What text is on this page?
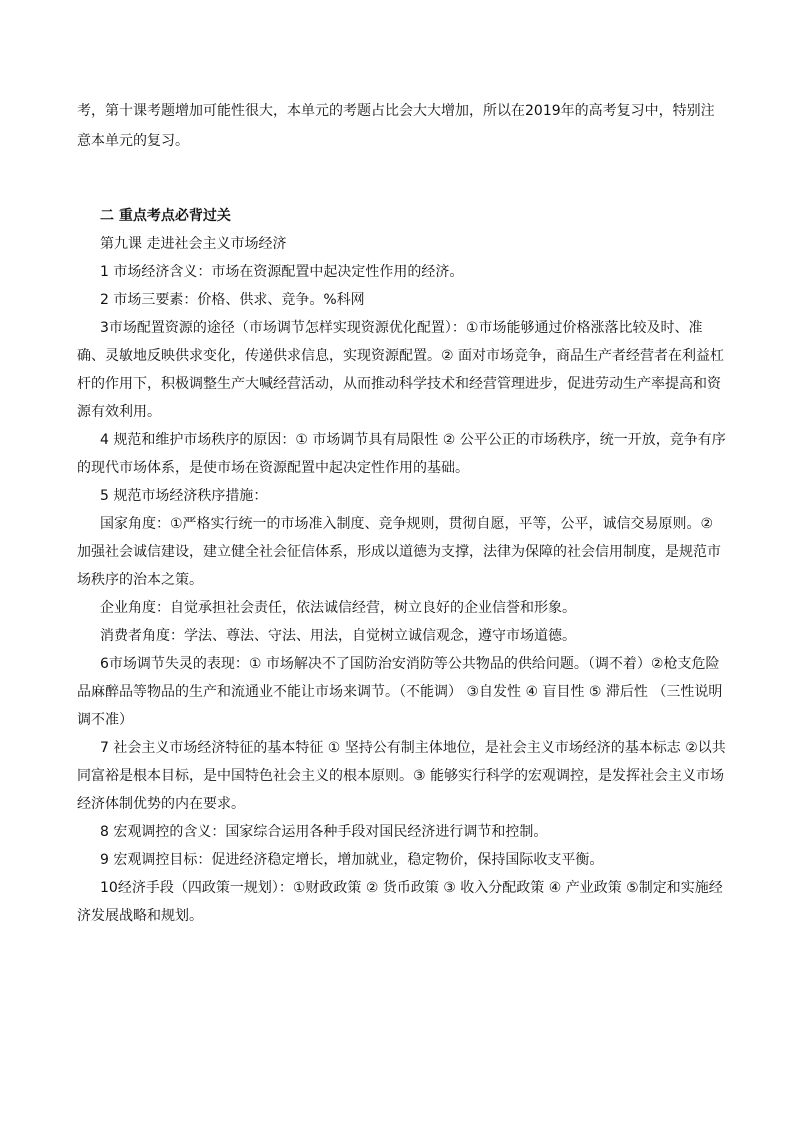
考，第十课考题增加可能性很大，本单元的考题占比会大大增加，所以在2019年的高考复习中，特别注意本单元的复习。

二 重点考点必背过关

第九课 走进社会主义市场经济

1 市场经济含义：市场在资源配置中起决定性作用的经济。

2 市场三要素：价格、供求、竞争。%科网

3市场配置资源的途径（市场调节怎样实现资源优化配置）：①市场能够通过价格涨落比较及时、准确、灵敏地反映供求变化，传递供求信息，实现资源配置。② 面对市场竞争，商品生产者经营者在利益杠杆的作用下，积极调整生产大喊经营活动，从而推动科学技术和经营管理进步，促进劳动生产率提高和资源有效利用。

4 规范和维护市场秩序的原因：① 市场调节具有局限性 ② 公平公正的市场秩序，统一开放，竞争有序的现代市场体系，是使市场在资源配置中起决定性作用的基础。

5 规范市场经济秩序措施：

国家角度：①严格实行统一的市场准入制度、竞争规则，贯彻自愿，平等，公平，诚信交易原则。②加强社会诚信建设，建立健全社会征信体系，形成以道德为支撑，法律为保障的社会信用制度，是规范市场秩序的治本之策。

企业角度：自觉承担社会责任，依法诚信经营，树立良好的企业信誉和形象。

消费者角度：学法、尊法、守法、用法，自觉树立诚信观念，遵守市场道德。

6市场调节失灵的表现：① 市场解决不了国防治安消防等公共物品的供给问题。（调不着）②枪支危险品麻醉品等物品的生产和流通业不能让市场来调节。（不能调） ③自发性 ④ 盲目性 ⑤ 滞后性 （三性说明调不准）

7 社会主义市场经济特征的基本特征 ① 坚持公有制主体地位，是社会主义市场经济的基本标志 ②以共同富裕是根本目标，是中国特色社会主义的根本原则。③ 能够实行科学的宏观调控，是发挥社会主义市场经济体制优势的内在要求。

8 宏观调控的含义：国家综合运用各种手段对国民经济进行调节和控制。

9 宏观调控目标：促进经济稳定增长，增加就业，稳定物价，保持国际收支平衡。

10经济手段（四政策一规划）：①财政政策 ② 货币政策 ③ 收入分配政策 ④ 产业政策 ⑤制定和实施经济发展战略和规划。
